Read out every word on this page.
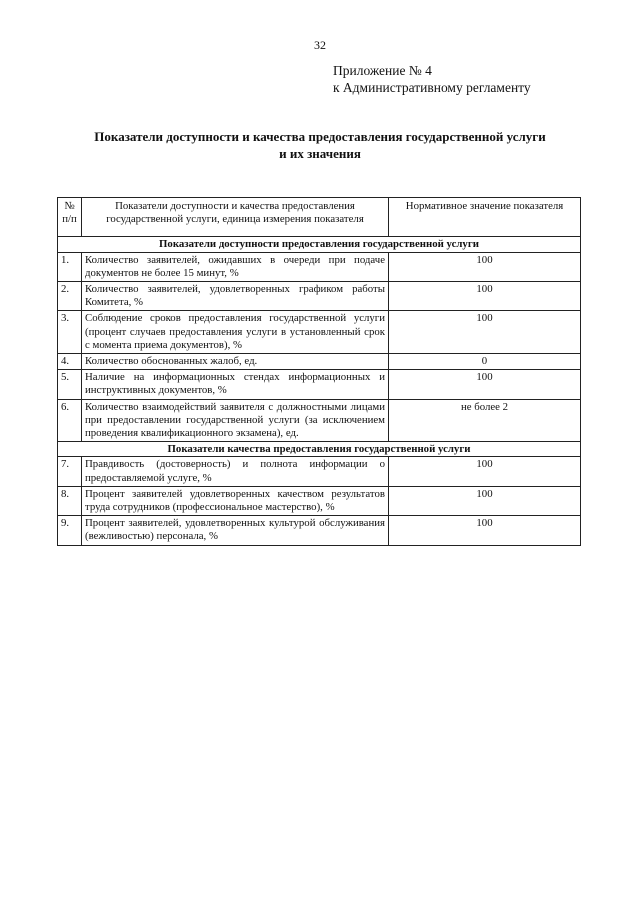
32
Приложение № 4
к Административному регламенту
Показатели доступности и качества предоставления государственной услуги
и их значения
№ п/п	Показатели доступности и качества предоставления государственной услуги, единица измерения показателя	Нормативное значение показателя
Показатели доступности предоставления государственной услуги		
1.	Количество заявителей, ожидавших в очереди при подаче документов не более 15 минут, %	100
2.	Количество заявителей, удовлетворенных графиком работы Комитета, %	100
3.	Соблюдение сроков предоставления государственной услуги (процент случаев предоставления услуги в установленный срок с момента приема документов), %	100
4.	Количество обоснованных жалоб, ед.	0
5.	Наличие на информационных стендах информационных и инструктивных документов, %	100
6.	Количество взаимодействий заявителя с должностными лицами при предоставлении государственной услуги (за исключением проведения квалификационного экзамена), ед.	не более 2
Показатели качества предоставления государственной услуги		
7.	Правдивость (достоверность) и полнота информации о предоставляемой услуге, %	100
8.	Процент заявителей удовлетворенных качеством результатов труда сотрудников (профессиональное мастерство), %	100
9.	Процент заявителей, удовлетворенных культурой обслуживания (вежливостью) персонала, %	100
